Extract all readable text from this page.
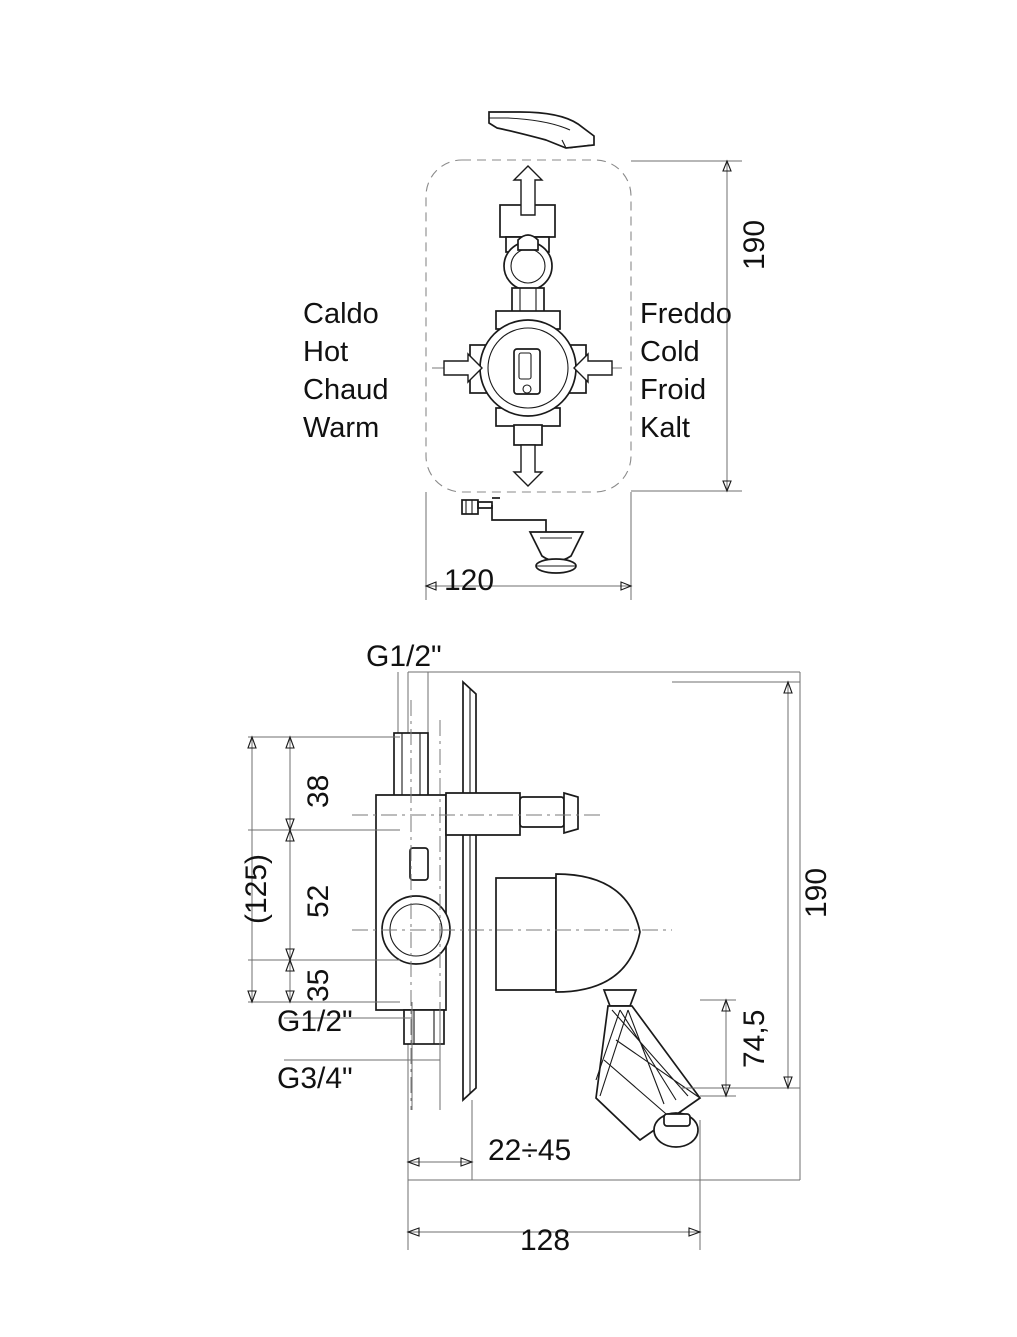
190
Caldo
Hot
Chaud
Warm
Freddo
Cold
Froid
Kalt
120
G1/2"
38
52
35
(125)
G1/2"
G3/4"
190
74,5
22÷45
128
